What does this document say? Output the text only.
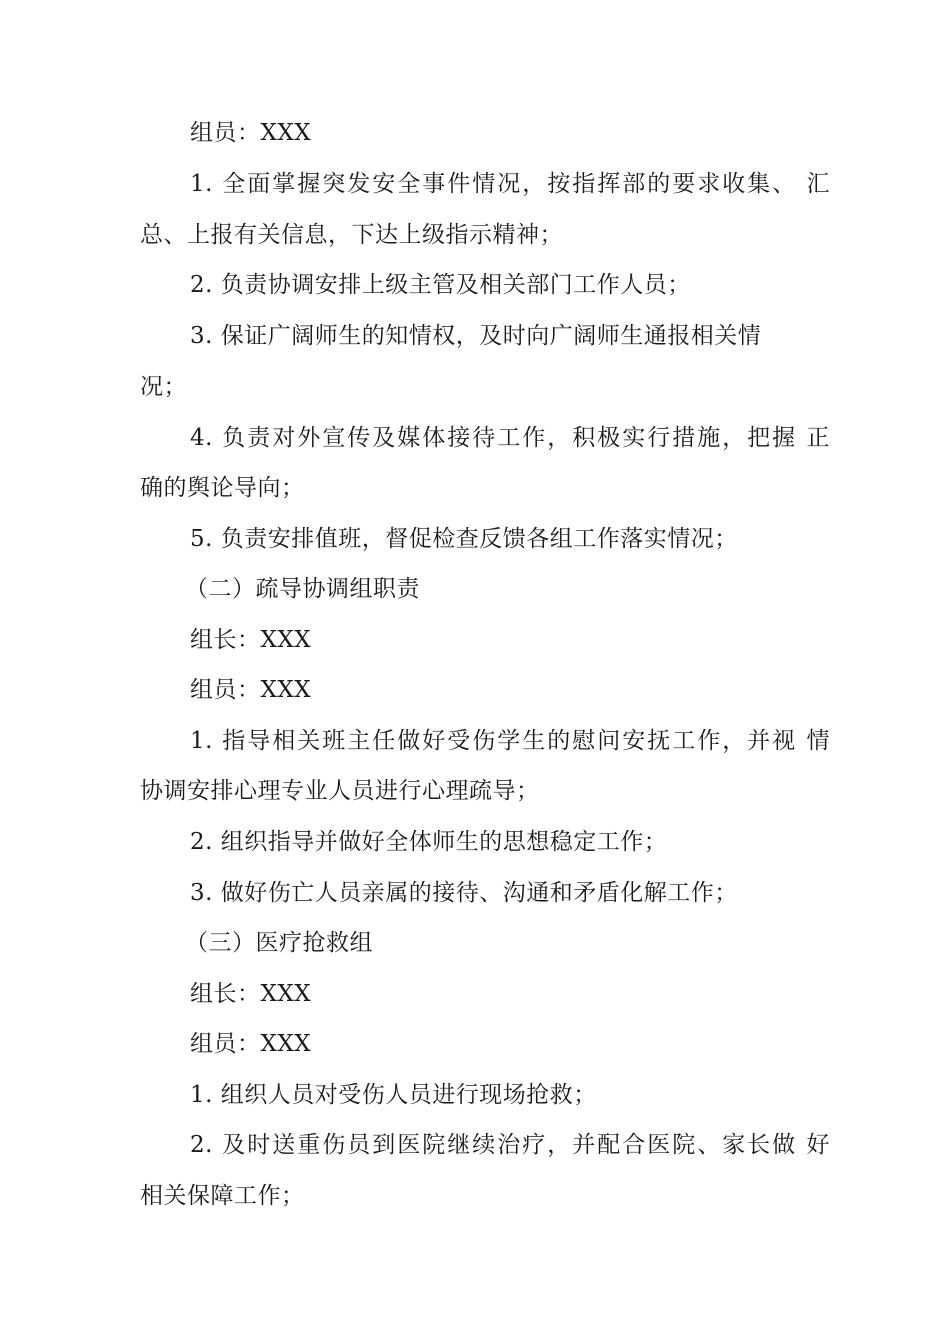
组员：XXX
1. 全面掌握突发安全事件情况，按指挥部的要求收集、 汇
总、上报有关信息，下达上级指示精神；
2. 负责协调安排上级主管及相关部门工作人员；
3. 保证广阔师生的知情权，及时向广阔师生通报相关情
况；
4. 负责对外宣传及媒体接待工作，积极实行措施，把握 正
确的舆论导向；
5. 负责安排值班，督促检查反馈各组工作落实情况；
（二）疏导协调组职责
组长：XXX
组员：XXX
1. 指导相关班主任做好受伤学生的慰问安抚工作，并视 情
协调安排心理专业人员进行心理疏导；
2. 组织指导并做好全体师生的思想稳定工作；
3. 做好伤亡人员亲属的接待、沟通和矛盾化解工作；
（三）医疗抢救组
组长：XXX
组员：XXX
1. 组织人员对受伤人员进行现场抢救；
2. 及时送重伤员到医院继续治疗，并配合医院、家长做 好
相关保障工作；
